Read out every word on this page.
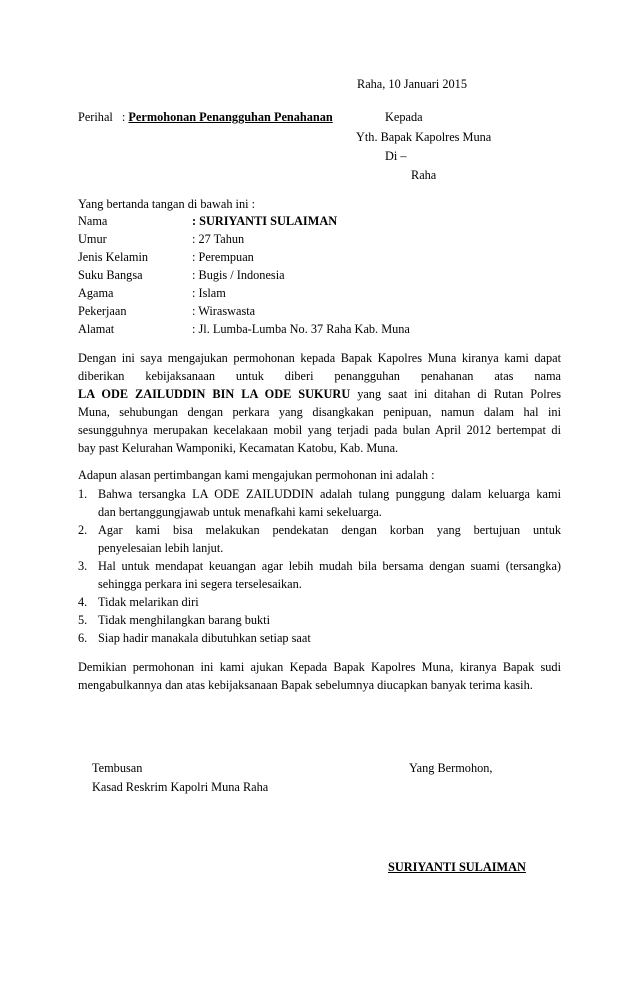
Raha, 10 Januari 2015
Perihal : Permohonan Penangguhan Penahanan	Kepada
Yth. Bapak Kapolres Muna
Di –
Raha
Yang bertanda tangan di bawah ini :
Nama	: SURIYANTI SULAIMAN
Umur	: 27 Tahun
Jenis Kelamin	: Perempuan
Suku Bangsa	: Bugis / Indonesia
Agama	: Islam
Pekerjaan	: Wiraswasta
Alamat	: Jl. Lumba-Lumba No. 37 Raha Kab. Muna
Dengan ini saya mengajukan permohonan kepada Bapak Kapolres Muna kiranya kami dapat
diberikan kebijaksanaan untuk diberi penangguhan penahanan atas nama
LA ODE ZAILUDDIN BIN LA ODE SUKURU yang saat ini ditahan di Rutan Polres
Muna, sehubungan dengan perkara yang disangkakan penipuan, namun dalam hal ini
sesungguhnya merupakan kecelakaan mobil yang terjadi pada bulan April 2012 bertempat di
bay past Kelurahan Wamponiki, Kecamatan Katobu, Kab. Muna.
Adapun alasan pertimbangan kami mengajukan permohonan ini adalah :
1. Bahwa tersangka LA ODE ZAILUDDIN adalah tulang punggung dalam keluarga kami
dan bertanggungjawab untuk menafkahi kami sekeluarga.
2. Agar kami bisa melakukan pendekatan dengan korban yang bertujuan untuk
penyelesaian lebih lanjut.
3. Hal untuk mendapat keuangan agar lebih mudah bila bersama dengan suami (tersangka)
sehingga perkara ini segera terselesaikan.
4. Tidak melarikan diri
5. Tidak menghilangkan barang bukti
6. Siap hadir manakala dibutuhkan setiap saat
Demikian permohonan ini kami ajukan Kepada Bapak Kapolres Muna, kiranya Bapak sudi
mengabulkannya dan atas kebijaksanaan Bapak sebelumnya diucapkan banyak terima kasih.
Tembusan
Kasad Reskrim Kapolri Muna Raha
Yang Bermohon,
SURIYANTI SULAIMAN
